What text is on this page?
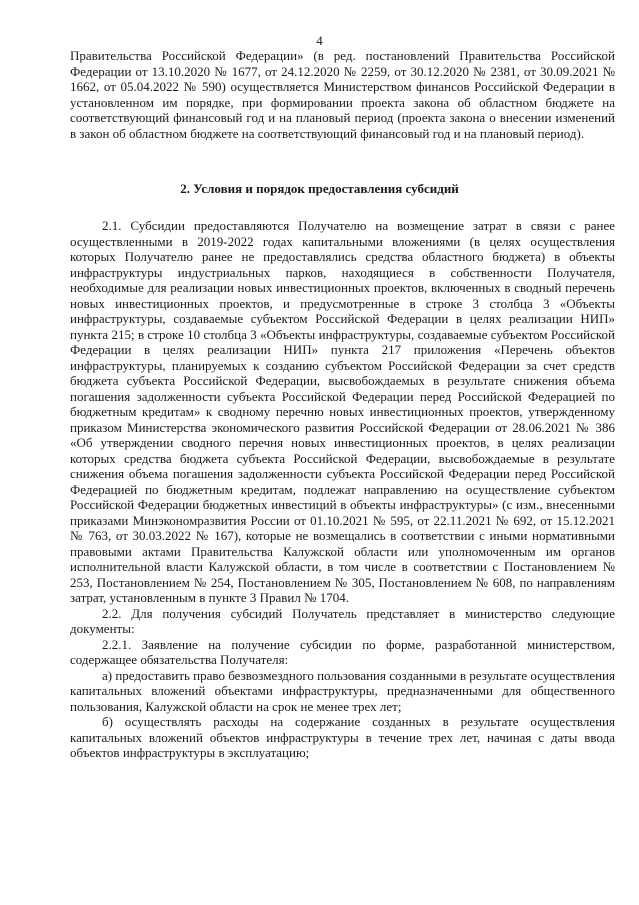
4

Правительства Российской Федерации» (в ред. постановлений Правительства Российской Федерации от 13.10.2020 № 1677, от 24.12.2020 № 2259, от 30.12.2020 № 2381, от 30.09.2021 № 1662, от 05.04.2022 № 590) осуществляется Министерством финансов Российской Федерации в установленном им порядке, при формировании проекта закона об областном бюджете на соответствующий финансовый год и на плановый период (проекта закона о внесении изменений в закон об областном бюджете на соответствующий финансовый год и на плановый период).

2. Условия и порядок предоставления субсидий

2.1. Субсидии предоставляются Получателю на возмещение затрат в связи с ранее осуществленными в 2019-2022 годах капитальными вложениями (в целях осуществления которых Получателю ранее не предоставлялись средства областного бюджета) в объекты инфраструктуры индустриальных парков, находящиеся в собственности Получателя, необходимые для реализации новых инвестиционных проектов, включенных в сводный перечень новых инвестиционных проектов, и предусмотренные в строке 3 столбца 3 «Объекты инфраструктуры, создаваемые субъектом Российской Федерации в целях реализации НИП» пункта 215; в строке 10 столбца 3 «Объекты инфраструктуры, создаваемые субъектом Российской Федерации в целях реализации НИП» пункта 217 приложения «Перечень объектов инфраструктуры, планируемых к созданию субъектом Российской Федерации за счет средств бюджета субъекта Российской Федерации, высвобождаемых в результате снижения объема погашения задолженности субъекта Российской Федерации перед Российской Федерацией по бюджетным кредитам» к сводному перечню новых инвестиционных проектов, утвержденному приказом Министерства экономического развития Российской Федерации от 28.06.2021 № 386 «Об утверждении сводного перечня новых инвестиционных проектов, в целях реализации которых средства бюджета субъекта Российской Федерации, высвобождаемые в результате снижения объема погашения задолженности субъекта Российской Федерации перед Российской Федерацией по бюджетным кредитам, подлежат направлению на осуществление субъектом Российской Федерации бюджетных инвестиций в объекты инфраструктуры» (с изм., внесенными приказами Минэкономразвития России от 01.10.2021 № 595, от 22.11.2021 № 692, от 15.12.2021 № 763, от 30.03.2022 № 167), которые не возмещались в соответствии с иными нормативными правовыми актами Правительства Калужской области или уполномоченным им органов исполнительной власти Калужской области, в том числе в соответствии с Постановлением № 253, Постановлением № 254, Постановлением № 305, Постановлением № 608, по направлениям затрат, установленным в пункте 3 Правил № 1704.

2.2. Для получения субсидий Получатель представляет в министерство следующие документы:

2.2.1. Заявление на получение субсидии по форме, разработанной министерством, содержащее обязательства Получателя:

а) предоставить право безвозмездного пользования созданными в результате осуществления капитальных вложений объектами инфраструктуры, предназначенными для общественного пользования, Калужской области на срок не менее трех лет;

б) осуществлять расходы на содержание созданных в результате осуществления капитальных вложений объектов инфраструктуры в течение трех лет, начиная с даты ввода объектов инфраструктуры в эксплуатацию;
